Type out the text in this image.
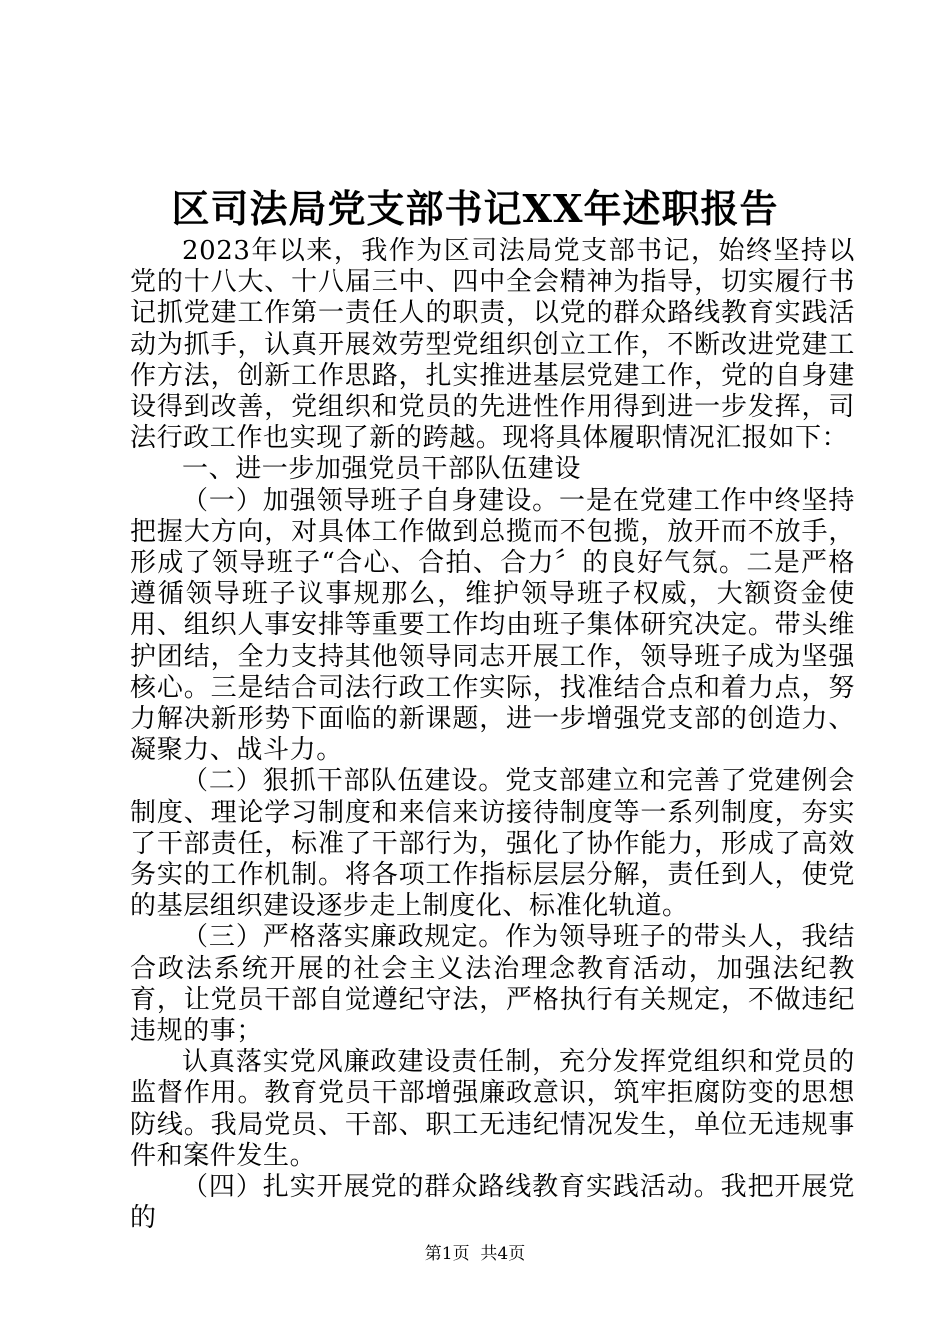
区司法局党支部书记XX年述职报告

2023年以来，我作为区司法局党支部书记，始终坚持以党的十八大、十八届三中、四中全会精神为指导，切实履行书记抓党建工作第一责任人的职责，以党的群众路线教育实践活动为抓手，认真开展效劳型党组织创立工作，不断改进党建工作方法，创新工作思路，扎实推进基层党建工作，党的自身建设得到改善，党组织和党员的先进性作用得到进一步发挥，司法行政工作也实现了新的跨越。现将具体履职情况汇报如下：

一、进一步加强党员干部队伍建设

（一）加强领导班子自身建设。一是在党建工作中终坚持把握大方向，对具体工作做到总揽而不包揽，放开而不放手，形成了领导班子“合心、合拍、合力〞的良好气氛。二是严格遵循领导班子议事规那么，维护领导班子权威，大额资金使用、组织人事安排等重要工作均由班子集体研究决定。带头维护团结，全力支持其他领导同志开展工作，领导班子成为坚强核心。三是结合司法行政工作实际，找准结合点和着力点，努力解决新形势下面临的新课题，进一步增强党支部的创造力、凝聚力、战斗力。

（二）狠抓干部队伍建设。党支部建立和完善了党建例会制度、理论学习制度和来信来访接待制度等一系列制度，夯实了干部责任，标准了干部行为，强化了协作能力，形成了高效务实的工作机制。将各项工作指标层层分解，责任到人，使党的基层组织建设逐步走上制度化、标准化轨道。

（三）严格落实廉政规定。作为领导班子的带头人，我结合政法系统开展的社会主义法治理念教育活动，加强法纪教育，让党员干部自觉遵纪守法，严格执行有关规定，不做违纪违规的事；

认真落实党风廉政建设责任制，充分发挥党组织和党员的监督作用。教育党员干部增强廉政意识，筑牢拒腐防变的思想防线。我局党员、干部、职工无违纪情况发生，单位无违规事件和案件发生。

（四）扎实开展党的群众路线教育实践活动。我把开展党的

第1页 共4页
